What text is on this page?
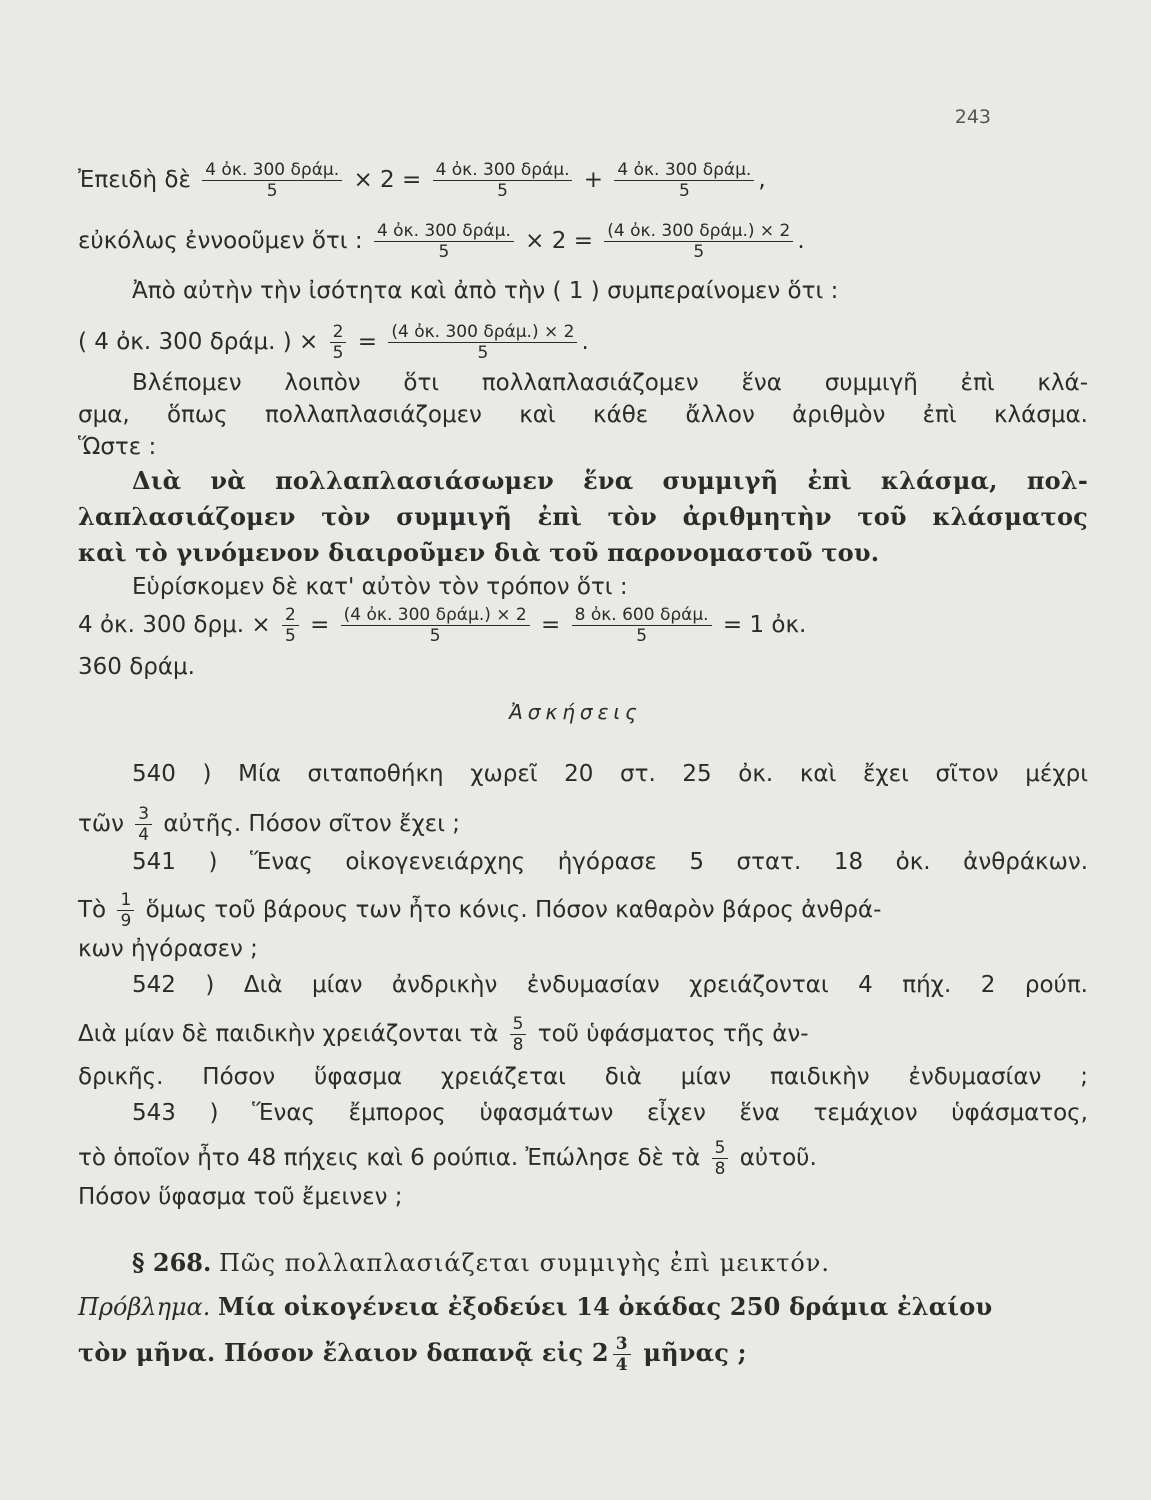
243
Ἐπειδὴ δὲ $\frac{\text{4 ὀκ. 300 δράμ.}}{5} \times 2 = \frac{\text{4 ὀκ. 300 δράμ.}}{5} + \frac{\text{4 ὀκ. 300 δράμ.}}{5}$ ,
εὐκόλως ἐννοοῦμεν ὅτι : $\frac{\text{4 ὀκ. 300 δράμ.}}{5} \times 2 = \frac{\text{(4 ὀκ. 300 δράμ.) × 2}}{5}$ .
Ἀπὸ αὐτὴν τὴν ἰσότητα καὶ ἀπὸ τὴν ( 1 ) συμπεραίνομεν ὅτι :
( 4 ὀκ. 300 δράμ. ) × $\frac{2}{5} = \frac{\text{(4 ὀκ. 300 δράμ.) × 2}}{5}$ .
Βλέπομεν λοιπὸν ὅτι πολλαπλασιάζομεν ἕνα συμμιγῆ ἐπὶ κλά-
σμα, ὅπως πολλαπλασιάζομεν καὶ κάθε ἄλλον ἀριθμὸν ἐπὶ κλάσμα.
Ὥστε :
Διὰ νὰ πολλαπλασιάσωμεν ἕνα συμμιγῆ ἐπὶ κλάσμα, πολ-
λαπλασιάζομεν τὸν συμμιγῆ ἐπὶ τὸν ἀριθμητὴν τοῦ κλάσματος
καὶ τὸ γινόμενον διαιροῦμεν διὰ τοῦ παρονομαστοῦ του.
Εὑρίσκομεν δὲ κατ' αὐτὸν τὸν τρόπον ὅτι :
4 ὀκ. 300 δρμ. × $\frac{2}{5} = \frac{\text{(4 ὀκ. 300 δράμ.) × 2}}{5} = \frac{\text{8 ὀκ. 600 δράμ.}}{5} = 1$ ὀκ.
360 δράμ.
Ἀσκήσεις
540 ) Μία σιταποθήκη χωρεῖ 20 στ. 25 ὀκ. καὶ ἔχει σῖτον μέχρι
τῶν $\frac{3}{4}$ αὐτῆς. Πόσον σῖτον ἔχει ;
541 ) Ἕνας οἰκογενειάρχης ἠγόρασε 5 στατ. 18 ὀκ. ἀνθράκων.
Τὸ $\frac{1}{9}$ ὅμως τοῦ βάρους των ἦτο κόνις. Πόσον καθαρὸν βάρος ἀνθρά-
κων ἠγόρασεν ;
542 ) Διὰ μίαν ἀνδρικὴν ἐνδυμασίαν χρειάζονται 4 πήχ. 2 ρούπ.
Διὰ μίαν δὲ παιδικὴν χρειάζονται τὰ $\frac{5}{8}$ τοῦ ὑφάσματος τῆς ἀν-
δρικῆς. Πόσον ὕφασμα χρειάζεται διὰ μίαν παιδικὴν ἐνδυμασίαν ;
543 ) Ἕνας ἔμπορος ὑφασμάτων εἶχεν ἕνα τεμάχιον ὑφάσματος,
τὸ ὁποῖον ἦτο 48 πήχεις καὶ 6 ρούπια. Ἐπώλησε δὲ τὰ $\frac{5}{8}$ αὐτοῦ.
Πόσον ὕφασμα τοῦ ἔμεινεν ;
§ 268. Πῶς πολλαπλασιάζεται συμμιγὴς ἐπὶ μεικτόν.
Πρόβλημα. Μία οἰκογένεια ἐξοδεύει 14 ὀκάδας 250 δράμια ἐλαίου
τὸν μῆνα. Πόσον ἔλαιον δαπανᾷ εἰς $2 \frac{3}{4}$ μῆνας ;
